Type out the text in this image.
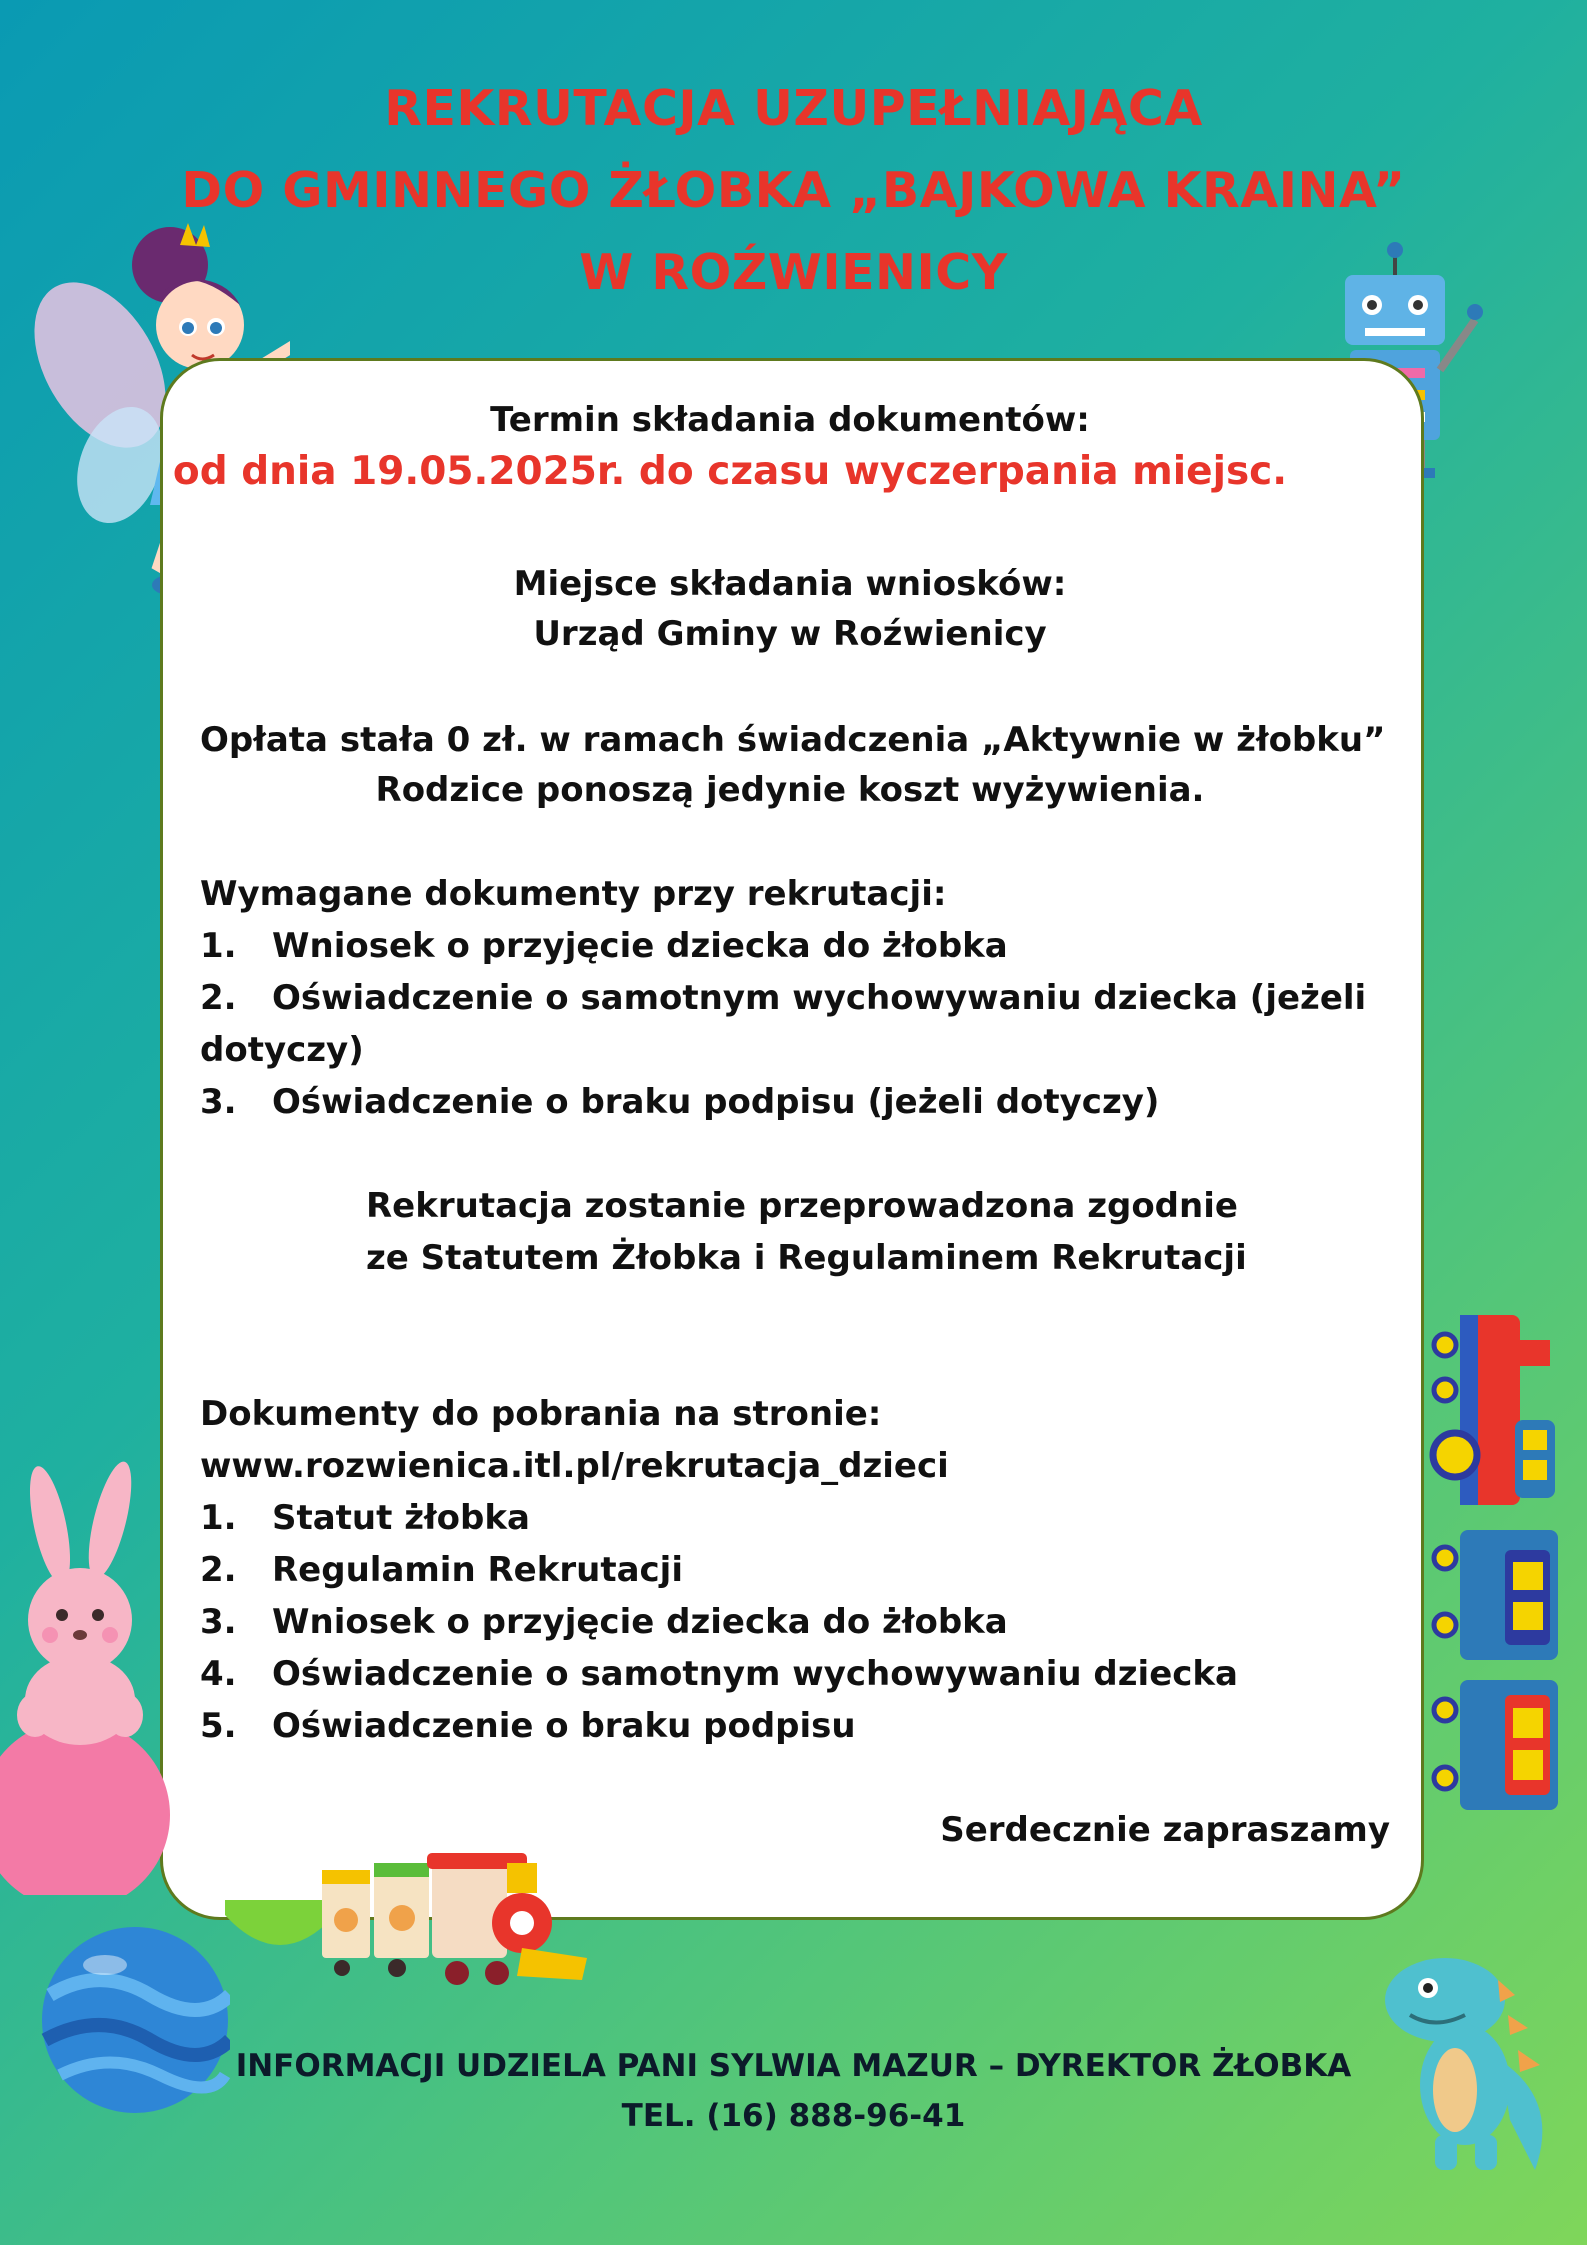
REKRUTACJA UZUPEŁNIAJĄCA
DO GMINNEGO ŻŁOBKA „BAJKOWA KRAINA”
W ROŹWIENICY
Termin składania dokumentów:
od dnia 19.05.2025r. do czasu wyczerpania miejsc.
Miejsce składania wniosków:
Urząd Gminy w Roźwienicy
Opłata stała 0 zł. w ramach świadczenia „Aktywnie w żłobku”
Rodzice ponoszą jedynie koszt wyżywienia.
Wymagane dokumenty przy rekrutacji:
1. Wniosek o przyjęcie dziecka do żłobka
2. Oświadczenie o samotnym wychowywaniu dziecka (jeżeli
dotyczy)
3. Oświadczenie o braku podpisu (jeżeli dotyczy)
Rekrutacja zostanie przeprowadzona zgodnie
ze Statutem Żłobka i Regulaminem Rekrutacji
Dokumenty do pobrania na stronie:
www.rozwienica.itl.pl/rekrutacja_dzieci
1. Statut żłobka
2. Regulamin Rekrutacji
3. Wniosek o przyjęcie dziecka do żłobka
4. Oświadczenie o samotnym wychowywaniu dziecka
5. Oświadczenie o braku podpisu
Serdecznie zapraszamy
INFORMACJI UDZIELA PANI SYLWIA MAZUR – DYREKTOR ŻŁOBKA
TEL. (16) 888-96-41
